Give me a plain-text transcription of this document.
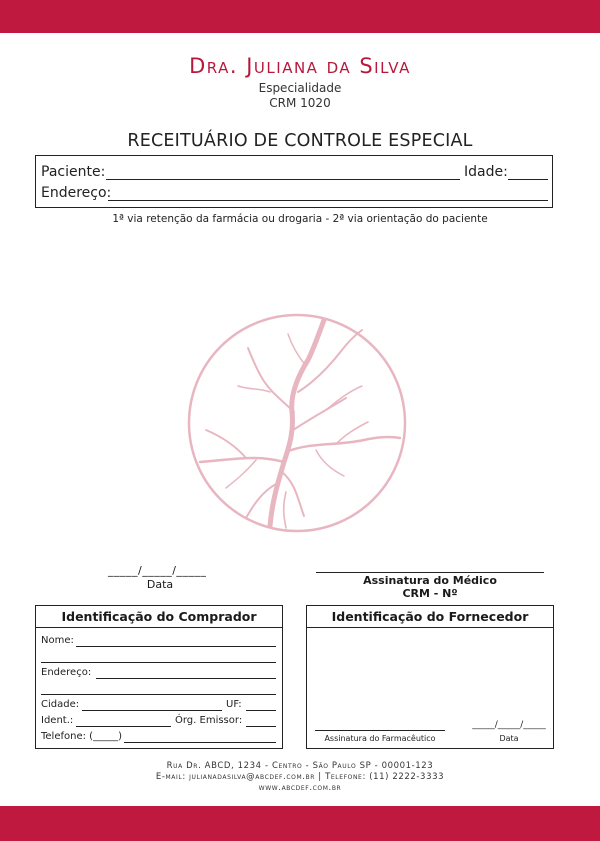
Dra. Juliana da Silva
Especialidade
CRM 1020
RECEITUÁRIO DE CONTROLE ESPECIAL
Paciente:	Idade:
Endereço:
1ª via retenção da farmácia ou drogaria - 2ª via orientação do paciente
_____/_____/_____
Data	Assinatura do Médico
CRM - Nº
Identificação do Comprador
Nome:
Endereço:
Cidade:	UF:
Ident.:	Órg. Emissor:
Telefone: (_____)
Identificação do Fornecedor
Assinatura do Farmacêutico
_____/_____/_____
Data
Rua Dr. ABCD, 1234 - Centro - São Paulo SP - 00001-123
E-mail: julianadasilva@abcdef.com.br | Telefone: (11) 2222-3333
www.abcdef.com.br
